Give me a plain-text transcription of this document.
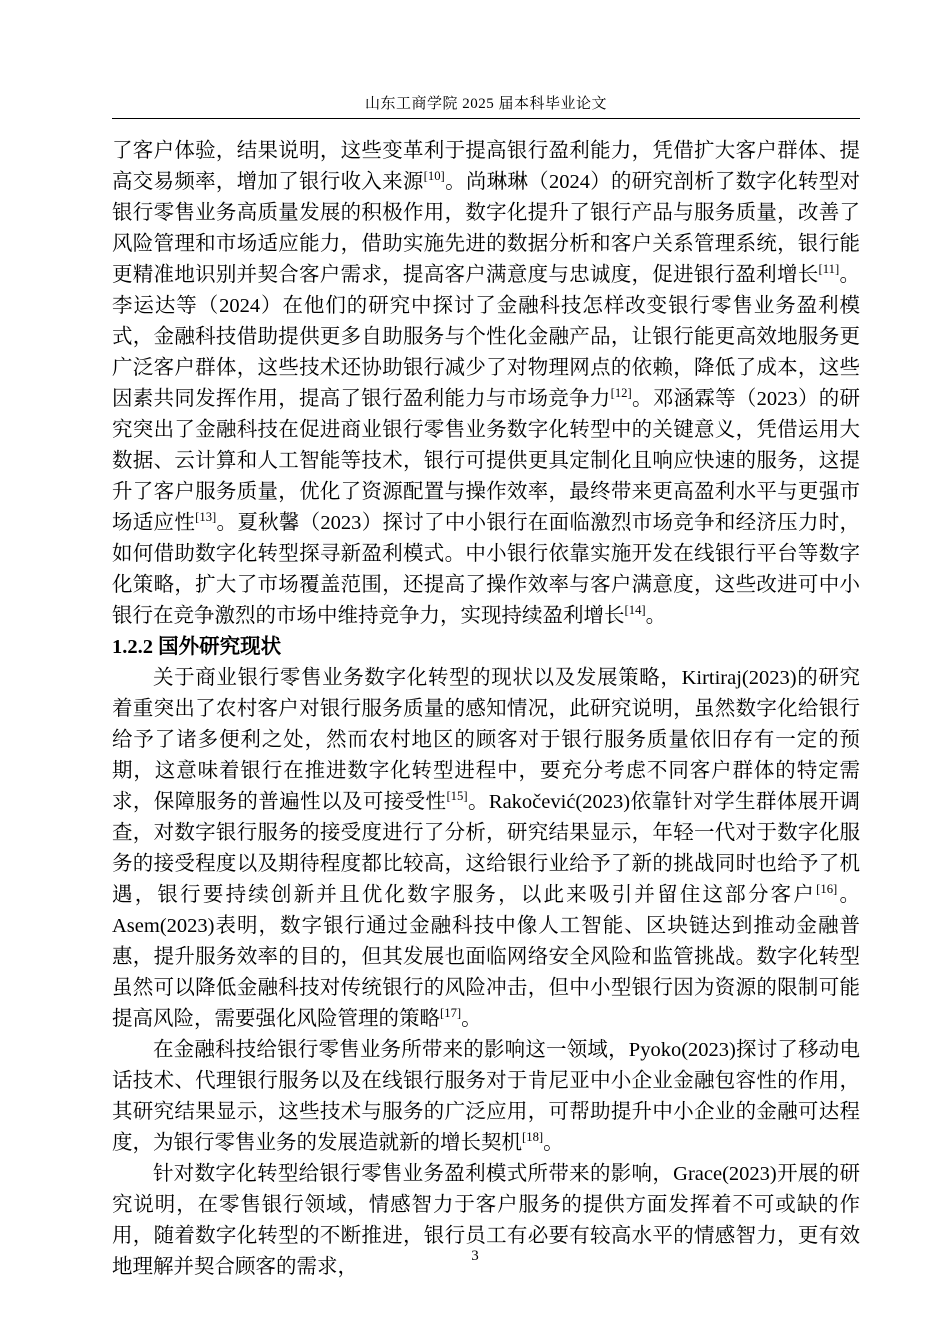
山东工商学院 2025 届本科毕业论文

了客户体验，结果说明，这些变革利于提高银行盈利能力，凭借扩大客户群体、提高交易频率，增加了银行收入来源[10]。尚琳琳（2024）的研究剖析了数字化转型对银行零售业务高质量发展的积极作用，数字化提升了银行产品与服务质量，改善了风险管理和市场适应能力，借助实施先进的数据分析和客户关系管理系统，银行能更精准地识别并契合客户需求，提高客户满意度与忠诚度，促进银行盈利增长[11]。李运达等（2024）在他们的研究中探讨了金融科技怎样改变银行零售业务盈利模式，金融科技借助提供更多自助服务与个性化金融产品，让银行能更高效地服务更广泛客户群体，这些技术还协助银行减少了对物理网点的依赖，降低了成本，这些因素共同发挥作用，提高了银行盈利能力与市场竞争力[12]。邓涵霖等（2023）的研究突出了金融科技在促进商业银行零售业务数字化转型中的关键意义，凭借运用大数据、云计算和人工智能等技术，银行可提供更具定制化且响应快速的服务，这提升了客户服务质量，优化了资源配置与操作效率，最终带来更高盈利水平与更强市场适应性[13]。夏秋馨（2023）探讨了中小银行在面临激烈市场竞争和经济压力时，如何借助数字化转型探寻新盈利模式。中小银行依靠实施开发在线银行平台等数字化策略，扩大了市场覆盖范围，还提高了操作效率与客户满意度，这些改进可中小银行在竞争激烈的市场中维持竞争力，实现持续盈利增长[14]。

1.2.2 国外研究现状

关于商业银行零售业务数字化转型的现状以及发展策略，Kirtiraj(2023)的研究着重突出了农村客户对银行服务质量的感知情况，此研究说明，虽然数字化给银行给予了诸多便利之处，然而农村地区的顾客对于银行服务质量依旧存有一定的预期，这意味着银行在推进数字化转型进程中，要充分考虑不同客户群体的特定需求，保障服务的普遍性以及可接受性[15]。Rakočević(2023)依靠针对学生群体展开调查，对数字银行服务的接受度进行了分析，研究结果显示，年轻一代对于数字化服务的接受程度以及期待程度都比较高，这给银行业给予了新的挑战同时也给予了机遇，银行要持续创新并且优化数字服务，以此来吸引并留住这部分客户[16]。Asem(2023)表明，数字银行通过金融科技中像人工智能、区块链达到推动金融普惠，提升服务效率的目的，但其发展也面临网络安全风险和监管挑战。数字化转型虽然可以降低金融科技对传统银行的风险冲击，但中小型银行因为资源的限制可能提高风险，需要强化风险管理的策略[17]。

在金融科技给银行零售业务所带来的影响这一领域，Pyoko(2023)探讨了移动电话技术、代理银行服务以及在线银行服务对于肯尼亚中小企业金融包容性的作用，其研究结果显示，这些技术与服务的广泛应用，可帮助提升中小企业的金融可达程度，为银行零售业务的发展造就新的增长契机[18]。

针对数字化转型给银行零售业务盈利模式所带来的影响，Grace(2023)开展的研究说明，在零售银行领域，情感智力于客户服务的提供方面发挥着不可或缺的作用，随着数字化转型的不断推进，银行员工有必要有较高水平的情感智力，更有效地理解并契合顾客的需求，	3
